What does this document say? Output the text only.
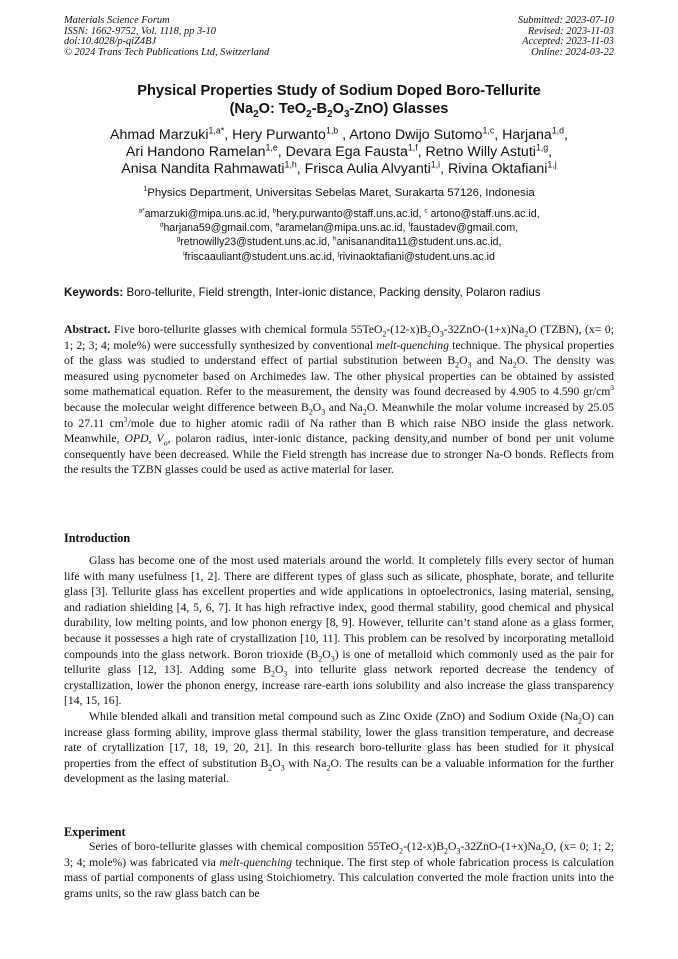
Materials Science Forum
ISSN: 1662-9752, Vol. 1118, pp 3-10
doi:10.4028/p-qiZ4BJ
© 2024 Trans Tech Publications Ltd, Switzerland
Submitted: 2023-07-10
Revised: 2023-11-03
Accepted: 2023-11-03
Online: 2024-03-22
Physical Properties Study of Sodium Doped Boro-Tellurite
($Na_2O$: $TeO_2-B_2O_3-ZnO$) Glasses
Ahmad Marzuki$^{1,a*}$, Hery Purwanto$^{1,b}$ , Artono Dwijo Sutomo$^{1,c}$, Harjana$^{1,d}$,
Ari Handono Ramelan$^{1,e}$, Devara Ega Fausta$^{1,f}$, Retno Willy Astuti$^{1,g}$,
Anisa Nandita Rahmawati$^{1,h}$, Frisca Aulia Alvyanti$^{1,i}$, Rivina Oktafiani$^{1,j}$
$^1$Physics Department, Universitas Sebelas Maret, Surakarta 57126, Indonesia
$^{a*}$amarzuki@mipa.uns.ac.id, $^b$hery.purwanto@staff.uns.ac.id, $^c$ artono@staff.uns.ac.id,
$^d$harjana59@gmail.com, $^e$aramelan@mipa.uns.ac.id, $^f$faustadev@gmail.com,
$^g$retnowilly23@student.uns.ac.id, $^h$anisanandita11@student.uns.ac.id,
$^i$friscaauliant@student.uns.ac.id, $^j$rivinaoktafiani@student.uns.ac.id
Keywords: Boro-tellurite, Field strength, Inter-ionic distance, Packing density, Polaron radius
Abstract. Five boro-tellurite glasses with chemical formula $55TeO_2-(12-x)B_2O_3-32ZnO-(1+x)Na_2O$ (TZBN), (x= 0; 1; 2; 3; 4; mole%) were successfully synthesized by conventional melt-quenching technique. The physical properties of the glass was studied to understand effect of partial substitution between $B_2O_3$ and $Na_2O$. The density was measured using pycnometer based on Archimedes law. The other physical properties can be obtained by assisted some mathematical equation. Refer to the measurement, the density was found decreased by 4.905 to 4.590 $gr/cm^3$ because the molecular weight difference between $B_2O_3$ and $Na_2O$. Meanwhile the molar volume increased by 25.05 to 27.11 $cm^3$/mole due to higher atomic radii of Na rather than B which raise NBO inside the glass network. Meanwhile, OPD, $V_o$, polaron radius, inter-ionic distance, packing density,and number of bond per unit volume consequently have been decreased. While the Field strength has increase due to stronger Na-O bonds. Reflects from the results the TZBN glasses could be used as active material for laser.
Introduction

Glass has become one of the most used materials around the world. It completely fills every sector of human life with many usefulness [1, 2]. There are different types of glass such as silicate, phosphate, borate, and tellurite glass [3]. Tellurite glass has excellent properties and wide applications in optoelectronics, lasing material, sensing, and radiation shielding [4, 5, 6, 7]. It has high refractive index, good thermal stability, good chemical and physical durability, low melting points, and low phonon energy [8, 9]. However, tellurite can’t stand alone as a glass former, because it possesses a high rate of crystallization [10, 11]. This problem can be resolved by incorporating metalloid compounds into the glass network. Boron trioxide $(B_2O_3)$ is one of metalloid which commonly used as the pair for tellurite glass [12, 13]. Adding some $B_2O_3$ into tellurite glass network reported decrease the tendency of crystallization, lower the phonon energy, increase rare-earth ions solubility and also increase the glass transparency [14, 15, 16].

While blended alkali and transition metal compound such as Zinc Oxide (ZnO) and Sodium Oxide $(Na_2O)$ can increase glass forming ability, improve glass thermal stability, lower the glass transition temperature, and decrease rate of crytallization [17, 18, 19, 20, 21]. In this research boro-tellurite glass has been studied for it physical properties from the effect of substitution $B_2O_3$ with $Na_2O$. The results can be a valuable information for the further development as the lasing material.

Experiment

Series of boro-tellurite glasses with chemical composition $55TeO_2-(12-x)B_2O_3-32ZnO-(1+x)Na_2O$, (x= 0; 1; 2; 3; 4; mole%) was fabricated via melt-quenching technique. The first step of whole fabrication process is calculation mass of partial components of glass using Stoichiometry. This calculation converted the mole fraction units into the grams units, so the raw glass batch can be
